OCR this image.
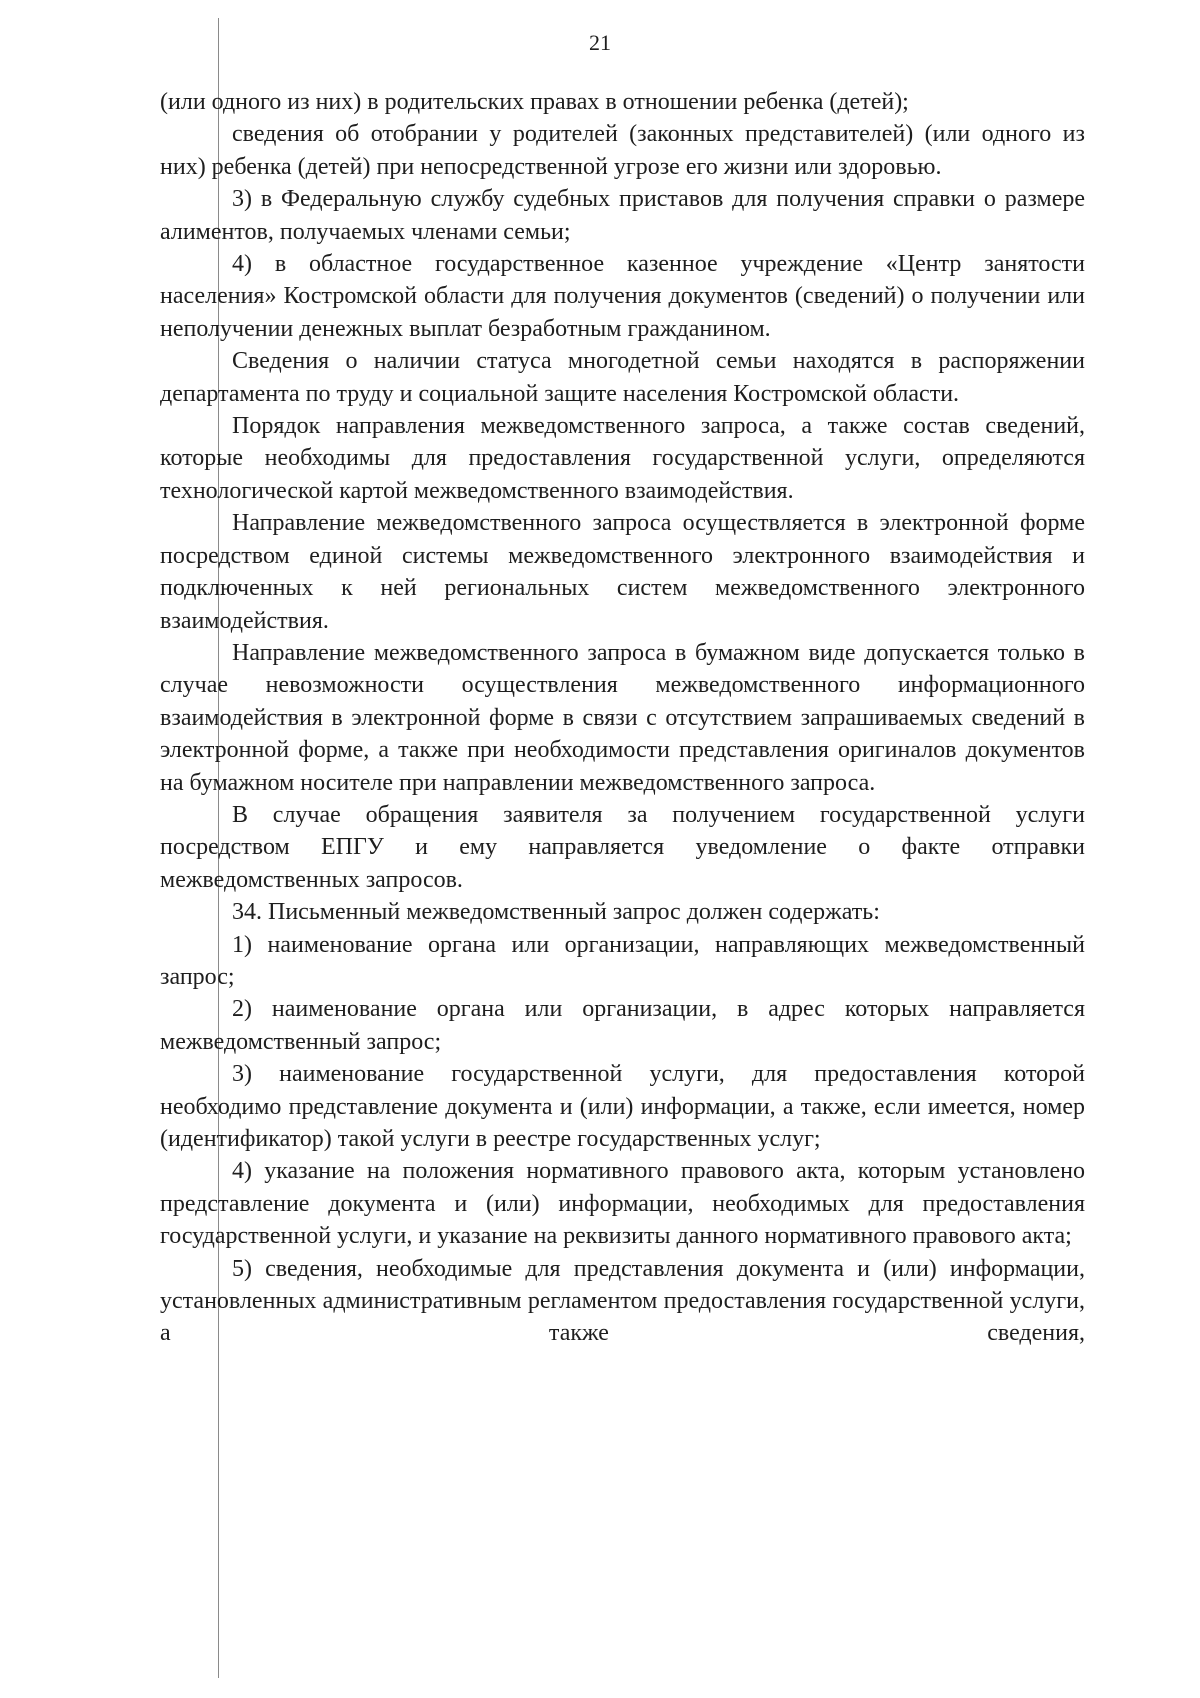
21

(или одного из них) в родительских правах в отношении ребенка (детей);

сведения об отобрании у родителей (законных представителей) (или одного из них) ребенка (детей) при непосредственной угрозе его жизни или здоровью.

3) в Федеральную службу судебных приставов для получения справки о размере алиментов, получаемых членами семьи;

4) в областное государственное казенное учреждение «Центр занятости населения» Костромской области для получения документов (сведений) о получении или неполучении денежных выплат безработным гражданином.

Сведения о наличии статуса многодетной семьи находятся в распоряжении департамента по труду и социальной защите населения Костромской области.

Порядок направления межведомственного запроса, а также состав сведений, которые необходимы для предоставления государственной услуги, определяются технологической картой межведомственного взаимодействия.

Направление межведомственного запроса осуществляется в электронной форме посредством единой системы межведомственного электронного взаимодействия и подключенных к ней региональных систем межведомственного электронного взаимодействия.

Направление межведомственного запроса в бумажном виде допускается только в случае невозможности осуществления межведомственного информационного взаимодействия в электронной форме в связи с отсутствием запрашиваемых сведений в электронной форме, а также при необходимости представления оригиналов документов на бумажном носителе при направлении межведомственного запроса.

В случае обращения заявителя за получением государственной услуги посредством ЕПГУ и ему направляется уведомление о факте отправки межведомственных запросов.

34. Письменный межведомственный запрос должен содержать:

1) наименование органа или организации, направляющих межведомственный запрос;

2) наименование органа или организации, в адрес которых направляется межведомственный запрос;

3) наименование государственной услуги, для предоставления которой необходимо представление документа и (или) информации, а также, если имеется, номер (идентификатор) такой услуги в реестре государственных услуг;

4) указание на положения нормативного правового акта, которым установлено представление документа и (или) информации, необходимых для предоставления государственной услуги, и указание на реквизиты данного нормативного правового акта;

5) сведения, необходимые для представления документа и (или) информации, установленных административным регламентом предоставления государственной услуги, а также сведения,
